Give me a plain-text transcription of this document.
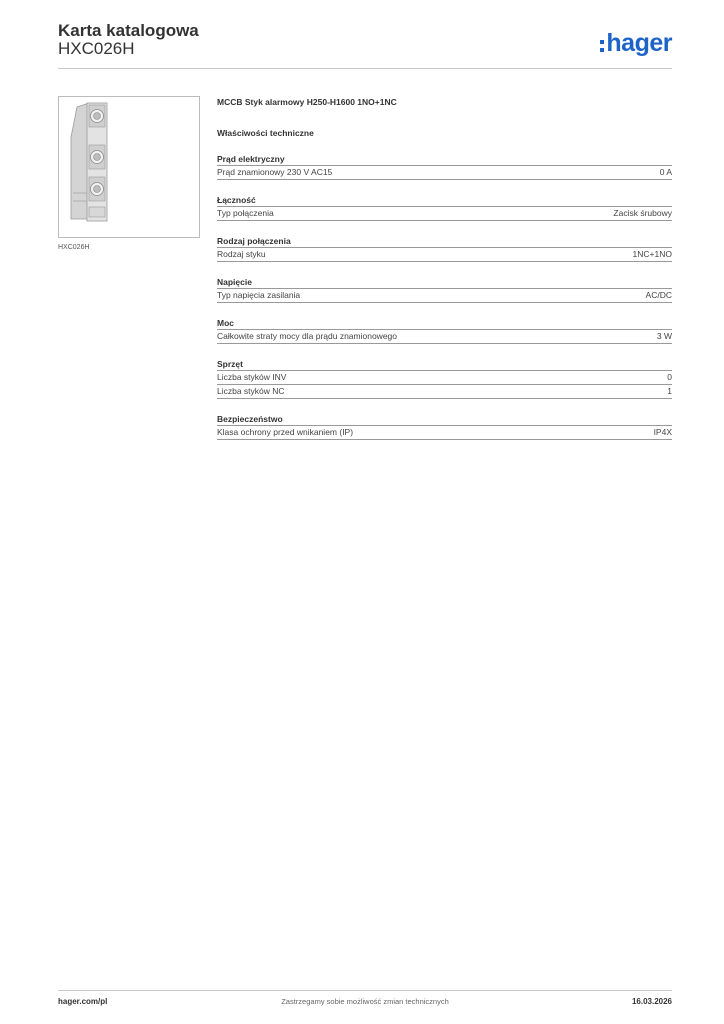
Karta katalogowa
HXC026H	hager
HXC026H
MCCB Styk alarmowy H250-H1600 1NO+1NC
Właściwości techniczne
Prąd elektryczny
Prąd znamionowy 230 V AC15	0 A
Łączność
Typ połączenia	Zacisk śrubowy
Rodzaj połączenia
Rodzaj styku	1NC+1NO
Napięcie
Typ napięcia zasilania	AC/DC
Moc
Całkowite straty mocy dla prądu znamionowego	3 W
Sprzęt
Liczba styków INV	0
Liczba styków NC	1
Bezpieczeństwo
Klasa ochrony przed wnikaniem (IP)	IP4X
hager.com/pl	Zastrzegamy sobie możliwość zmian technicznych	16.03.2026
